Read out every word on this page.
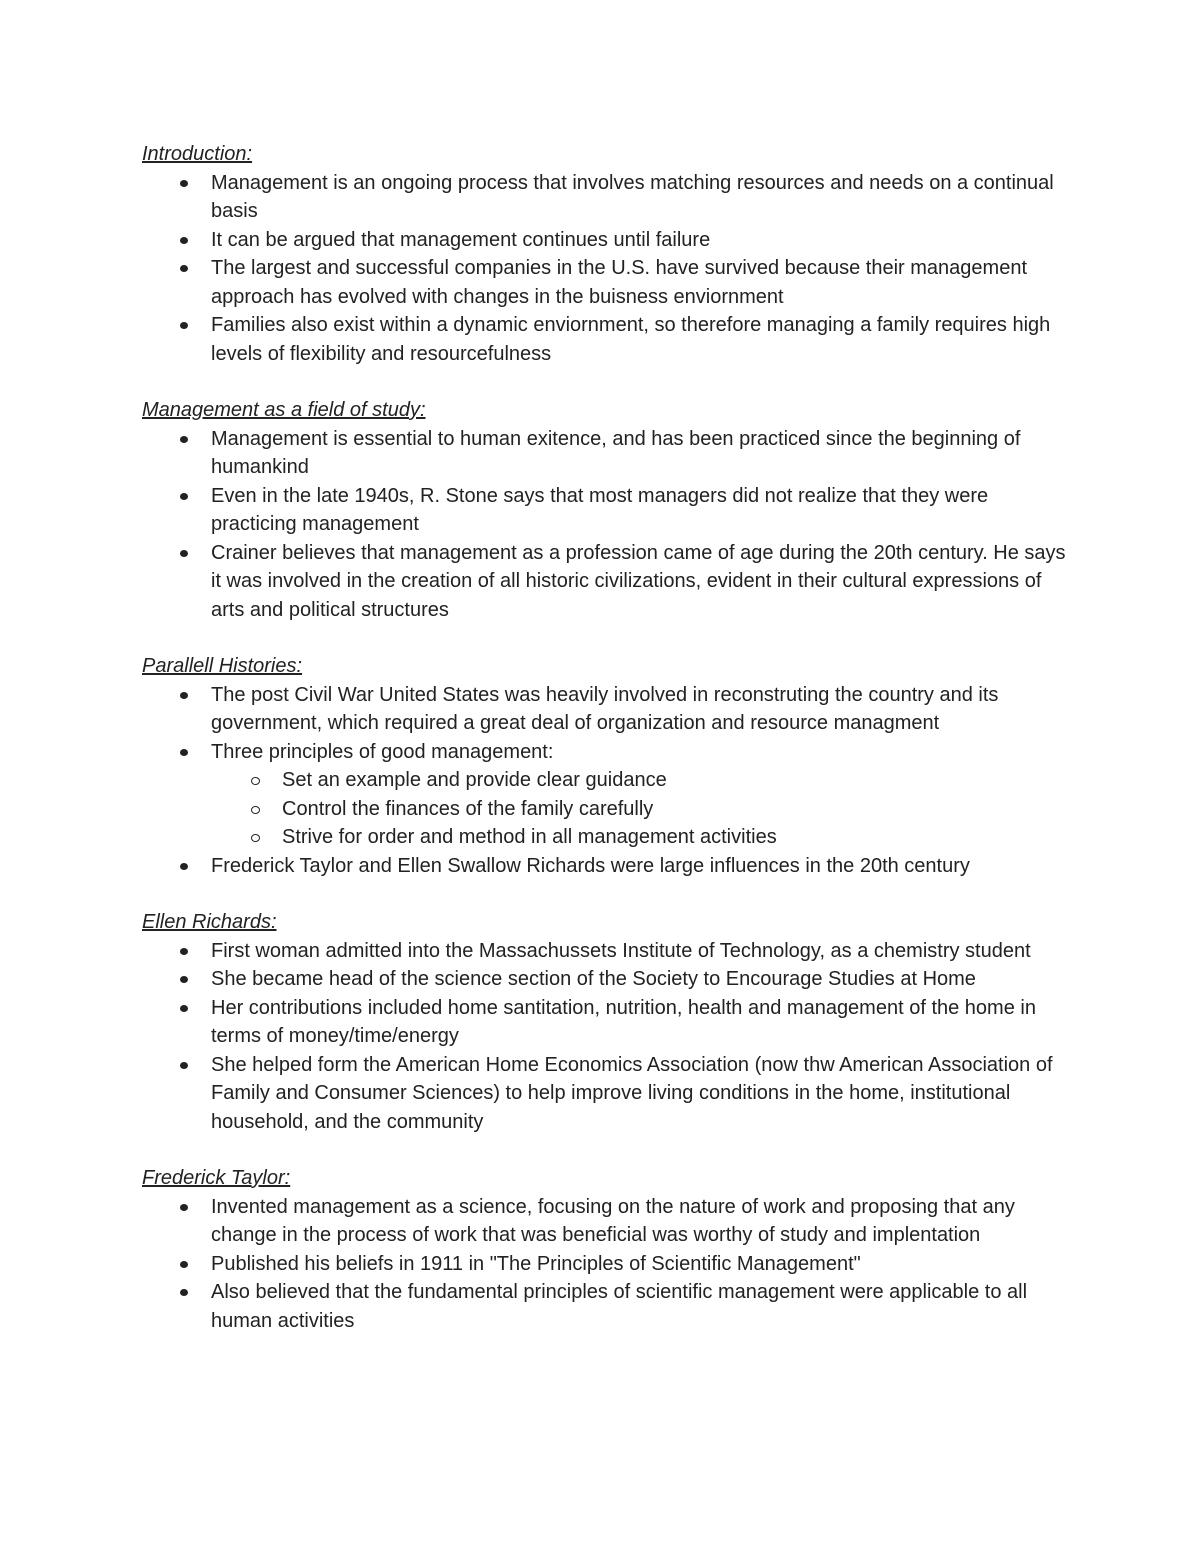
Introduction:

Management is an ongoing process that involves matching resources and needs on a continual basis
It can be argued that management continues until failure
The largest and successful companies in the U.S. have survived because their management approach has evolved with changes in the buisness enviornment
Families also exist within a dynamic enviornment, so therefore managing a family requires high levels of flexibility and resourcefulness

Management as a field of study:

Management is essential to human exitence, and has been practiced since the beginning of humankind
Even in the late 1940s, R. Stone says that most managers did not realize that they were practicing management
Crainer believes that management as a profession came of age during the 20th century. He says it was involved in the creation of all historic civilizations, evident in their cultural expressions of arts and political structures

Parallell Histories:

The post Civil War United States was heavily involved in reconstruting the country and its government, which required a great deal of organization and resource managment
Three principles of good management:
Set an example and provide clear guidance
Control the finances of the family carefully
Strive for order and method in all management activities
Frederick Taylor and Ellen Swallow Richards were large influences in the 20th century

Ellen Richards:

First woman admitted into the Massachussets Institute of Technology, as a chemistry student
She became head of the science section of the Society to Encourage Studies at Home
Her contributions included home santitation, nutrition, health and management of the home in terms of money/time/energy
She helped form the American Home Economics Association (now thw American Association of Family and Consumer Sciences) to help improve living conditions in the home, institutional household, and the community

Frederick Taylor:

Invented management as a science, focusing on the nature of work and proposing that any change in the process of work that was beneficial was worthy of study and implentation
Published his beliefs in 1911 in "The Principles of Scientific Management"
Also believed that the fundamental principles of scientific management were applicable to all human activities
